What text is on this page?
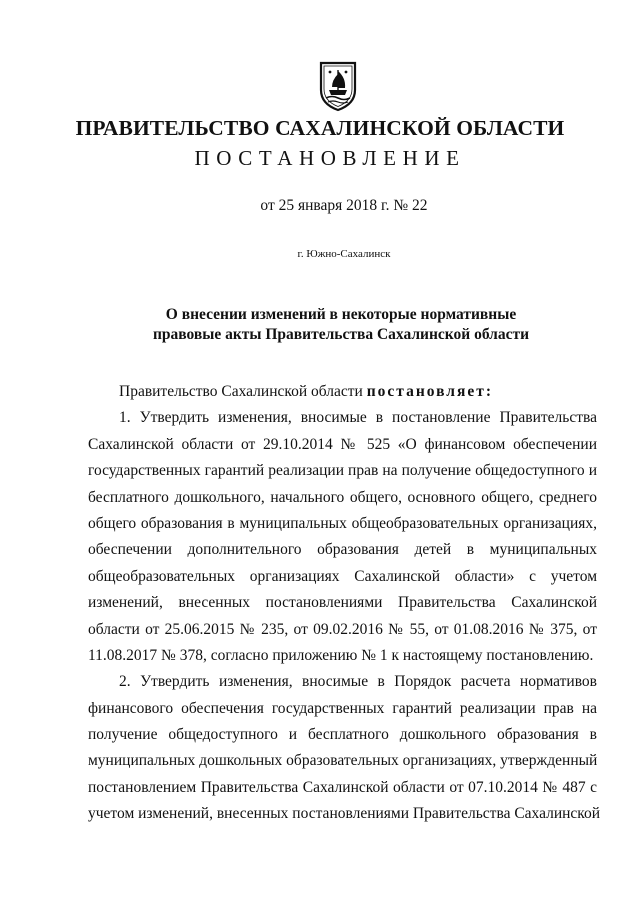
ПРАВИТЕЛЬСТВО САХАЛИНСКОЙ ОБЛАСТИ
ПОСТАНОВЛЕНИЕ
от 25 января 2018 г. № 22
г. Южно-Сахалинск
О внесении изменений в некоторые нормативные
правовые акты Правительства Сахалинской области
Правительство Сахалинской области постановляет:
1. Утвердить изменения, вносимые в постановление Правительства
Сахалинской области от 29.10.2014 № 525 «О финансовом обеспечении
государственных гарантий реализации прав на получение общедоступного и
бесплатного дошкольного, начального общего, основного общего, среднего
общего образования в муниципальных общеобразовательных организациях,
обеспечении дополнительного образования детей в муниципальных
общеобразовательных организациях Сахалинской области» с учетом
изменений, внесенных постановлениями Правительства Сахалинской
области от 25.06.2015 № 235, от 09.02.2016 № 55, от 01.08.2016 № 375, от
11.08.2017 № 378, согласно приложению № 1 к настоящему постановлению.
2. Утвердить изменения, вносимые в Порядок расчета нормативов
финансового обеспечения государственных гарантий реализации прав на
получение общедоступного и бесплатного дошкольного образования в
муниципальных дошкольных образовательных организациях, утвержденный
постановлением Правительства Сахалинской области от 07.10.2014 № 487 с
учетом изменений, внесенных постановлениями Правительства Сахалинской
